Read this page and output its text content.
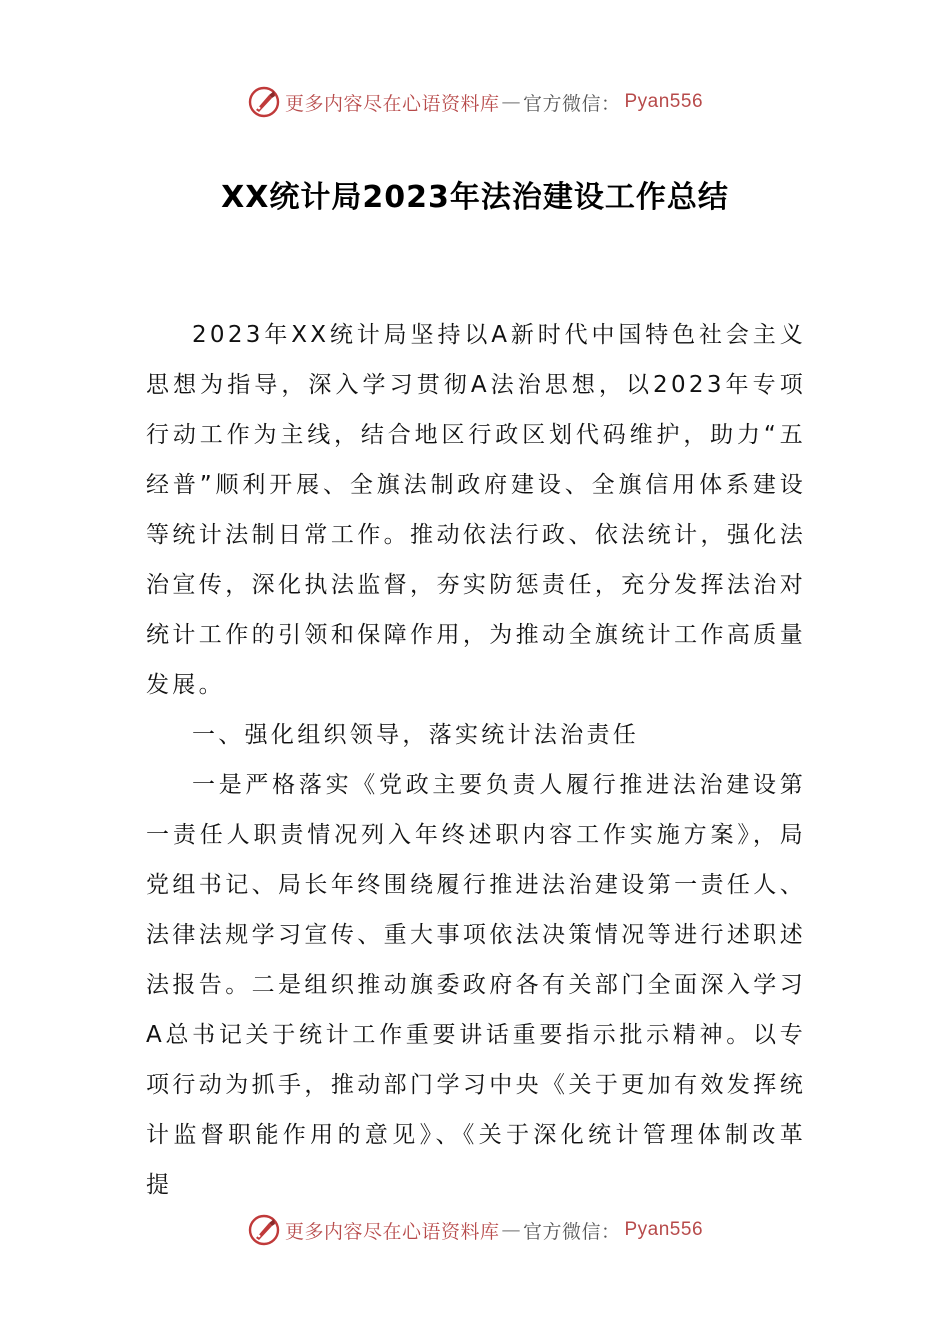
更多内容尽在心语资料库 — 官方微信： Pyan556
XX统计局2023年法治建设工作总结

2023年XX统计局坚持以A新时代中国特色社会主义思想为指导，深入学习贯彻A法治思想，以2023年专项行动工作为主线，结合地区行政区划代码维护，助力“五经普”顺利开展、全旗法制政府建设、全旗信用体系建设等统计法制日常工作。推动依法行政、依法统计，强化法治宣传，深化执法监督，夯实防惩责任，充分发挥法治对统计工作的引领和保障作用，为推动全旗统计工作高质量发展。

一、强化组织领导，落实统计法治责任

一是严格落实《党政主要负责人履行推进法治建设第一责任人职责情况列入年终述职内容工作实施方案》，局党组书记、局长年终围绕履行推进法治建设第一责任人、法律法规学习宣传、重大事项依法决策情况等进行述职述法报告。二是组织推动旗委政府各有关部门全面深入学习A总书记关于统计工作重要讲话重要指示批示精神。以专项行动为抓手，推动部门学习中央《关于更加有效发挥统计监督职能作用的意见》、《关于深化统计管理体制改革提

更多内容尽在心语资料库 — 官方微信： Pyan556
